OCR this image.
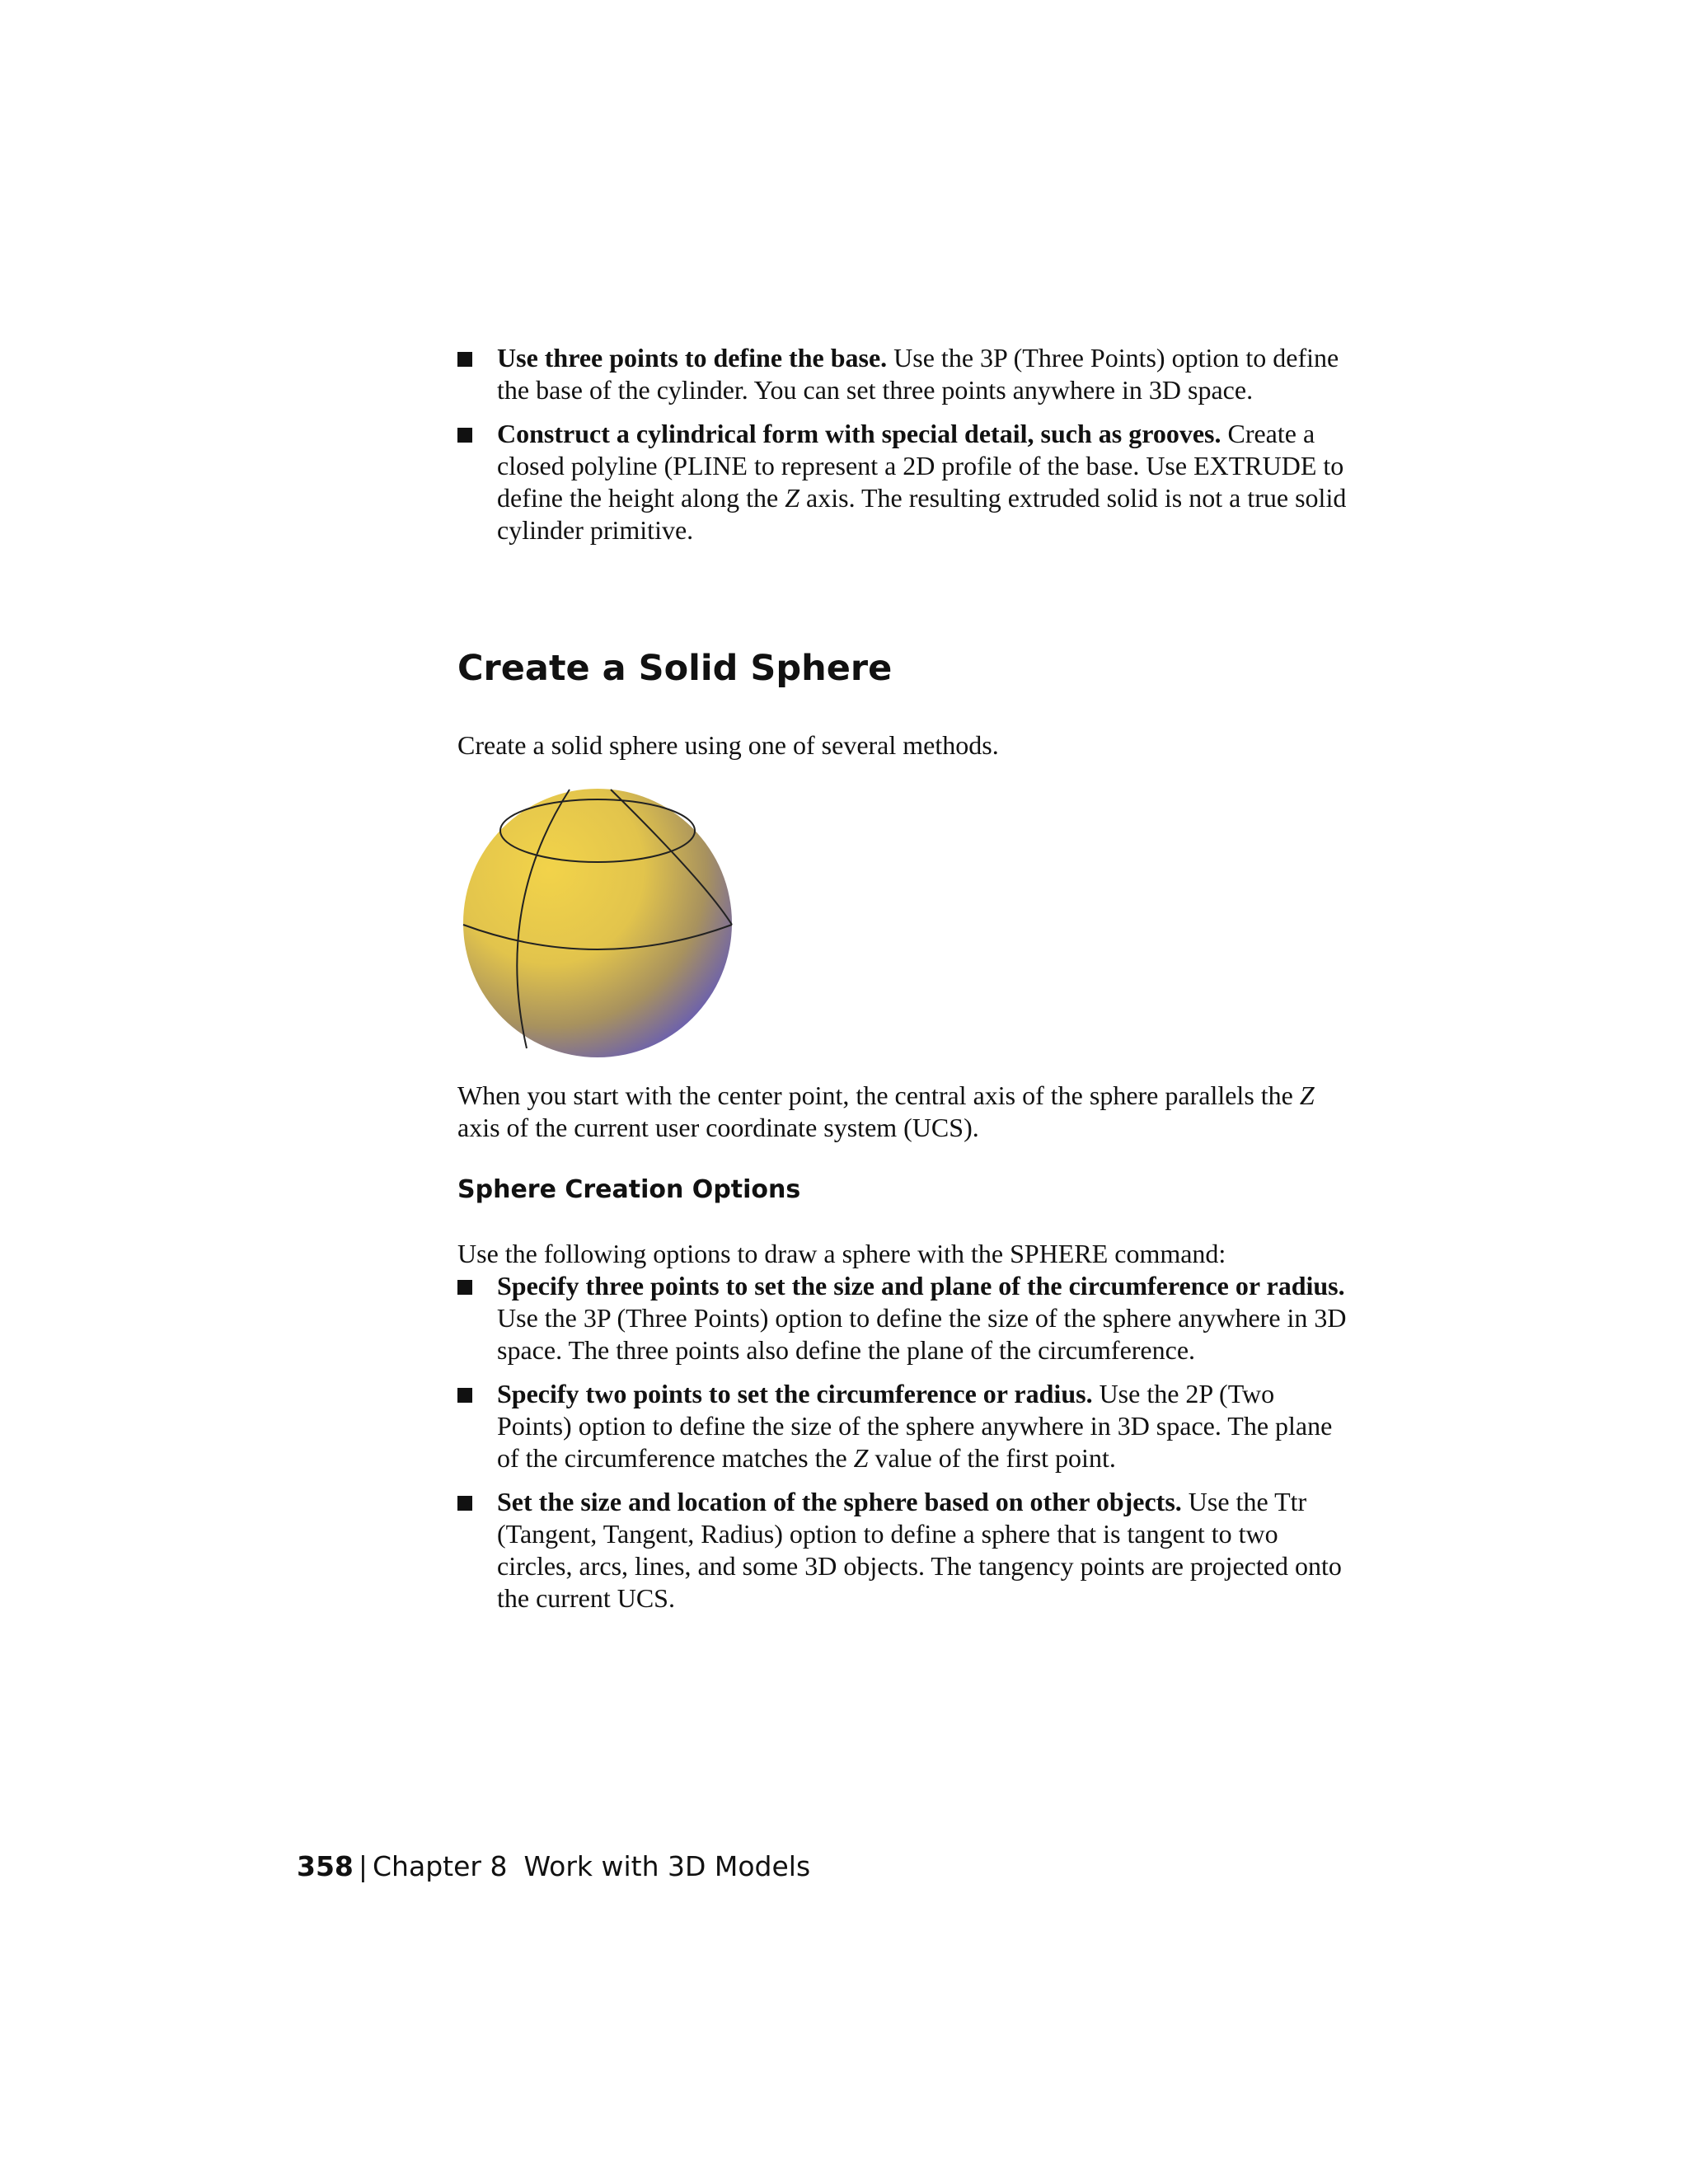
Use three points to define the base. Use the 3P (Three Points) option to define the base of the cylinder. You can set three points anywhere in 3D space.
Construct a cylindrical form with special detail, such as grooves. Create a closed polyline (PLINE to represent a 2D profile of the base. Use EXTRUDE to define the height along the Z axis. The resulting extruded solid is not a true solid cylinder primitive.
Create a Solid Sphere

Create a solid sphere using one of several methods.

When you start with the center point, the central axis of the sphere parallels the Z axis of the current user coordinate system (UCS).

Sphere Creation Options

Use the following options to draw a sphere with the SPHERE command:

Specify three points to set the size and plane of the circumference or radius. Use the 3P (Three Points) option to define the size of the sphere anywhere in 3D space. The three points also define the plane of the circumference.
Specify two points to set the circumference or radius. Use the 2P (Two Points) option to define the size of the sphere anywhere in 3D space. The plane of the circumference matches the Z value of the first point.
Set the size and location of the sphere based on other objects. Use the Ttr (Tangent, Tangent, Radius) option to define a sphere that is tangent to two circles, arcs, lines, and some 3D objects. The tangency points are projected onto the current UCS.
358 | Chapter 8 Work with 3D Models
